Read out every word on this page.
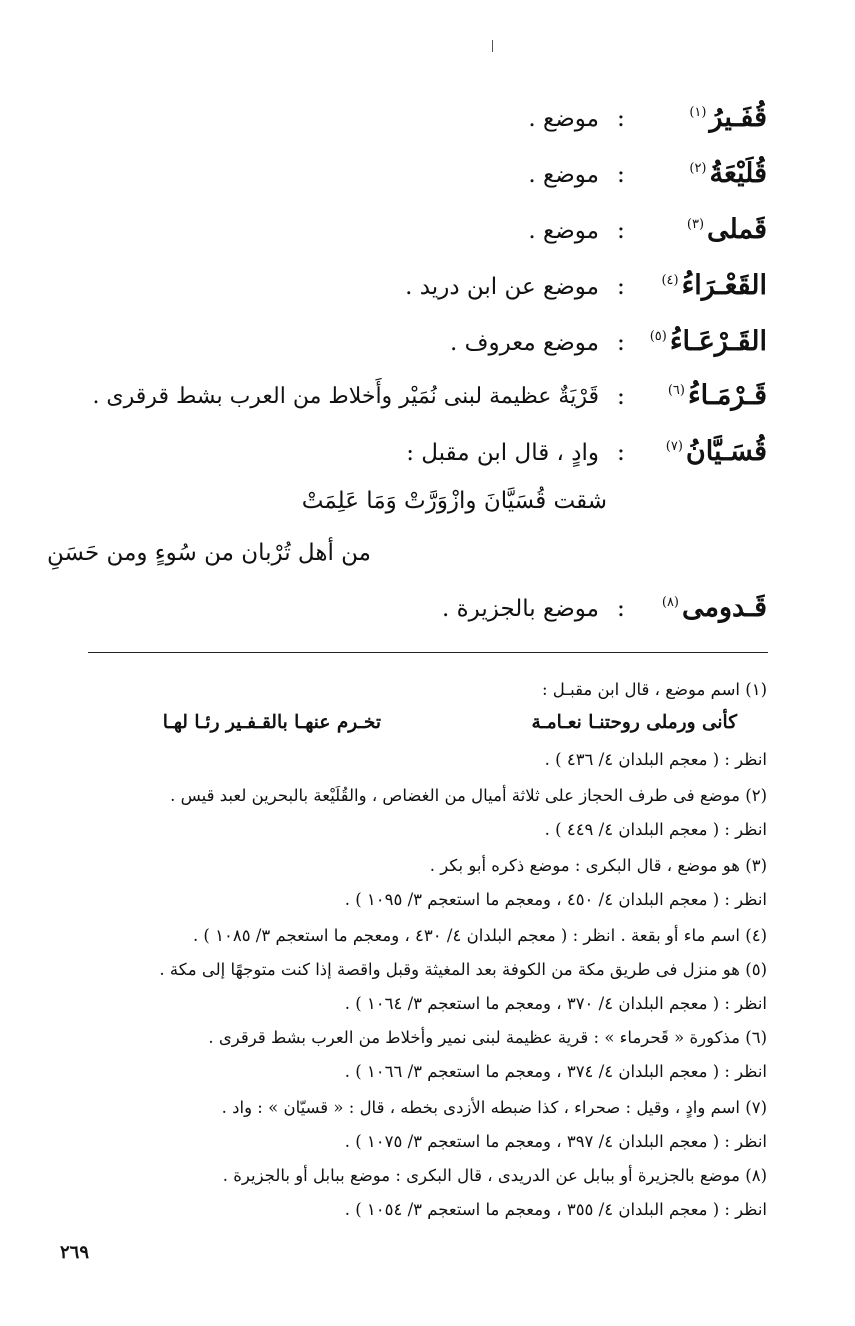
قُفَـيرُ$^{(١)}$
:
موضع .
قُلَيْعَةُ$^{(٢)}$
:
موضع .
قَملى$^{(٣)}$
:
موضع .
القَعْـرَاءُ$^{(٤)}$
:
موضع عن ابن دريد .
القَـرْعَـاءُ$^{(٥)}$
:
موضع معروف .
قَـرْمَـاءُ$^{(٦)}$
:
قَرْيَةٌ عظيمة لبنى نُمَيْر وأَخلاط من العرب بشط قرقرى .
قُسَـيَّانُ$^{(٧)}$
:
وادٍ ، قال ابن مقبل :
شقت قُسَيَّانَ وازْوَرَّتْ وَمَا عَلِمَتْ
من أهل تُرْبان من سُوءٍ ومن حَسَنِ
قَـدومى$^{(٨)}$
:
موضع بالجزيرة .
(١) اسم موضع ، قال ابن مقبـل :
كأنى ورملى روحتنـا نعـامـة
تخـرم عنهـا بالقـفـير رئـا لهـا
انظر : ( معجم البلدان ٤/ ٤٣٦ ) .
(٢) موضع فى طرف الحجاز على ثلاثة أميال من الغضاص ، والقُلَيْعة بالبحرين لعبد قيس .
انظر : ( معجم البلدان ٤/ ٤٤٩ ) .
(٣) هو موضع ، قال البكرى : موضع ذكره أبو بكر .
انظر : ( معجم البلدان ٤/ ٤٥٠ ، ومعجم ما استعجم ٣/ ١٠٩٥ ) .
(٤) اسم ماء أو بقعة . انظر : ( معجم البلدان ٤/ ٤٣٠ ، ومعجم ما استعجم ٣/ ١٠٨٥ ) .
(٥) هو منزل فى طريق مكة من الكوفة بعد المغيثة وقبل واقصة إذا كنت متوجهًا إلى مكة .
انظر : ( معجم البلدان ٤/ ٣٧٠ ، ومعجم ما استعجم ٣/ ١٠٦٤ ) .
(٦) مذكورة « قَحرماء » : قرية عظيمة لبنى نمير وأخلاط من العرب بشط قرقرى .
انظر : ( معجم البلدان ٤/ ٣٧٤ ، ومعجم ما استعجم ٣/ ١٠٦٦ ) .
(٧) اسم وادٍ ، وقيل : صحراء ، كذا ضبطه الأزدى بخطه ، قال : « قسيّان » : واد .
انظر : ( معجم البلدان ٤/ ٣٩٧ ، ومعجم ما استعجم ٣/ ١٠٧٥ ) .
(٨) موضع بالجزيرة أو ببابل عن الدريدى ، قال البكرى : موضع ببابل أو بالجزيرة .
انظر : ( معجم البلدان ٤/ ٣٥٥ ، ومعجم ما استعجم ٣/ ١٠٥٤ ) .
٢٦٩
